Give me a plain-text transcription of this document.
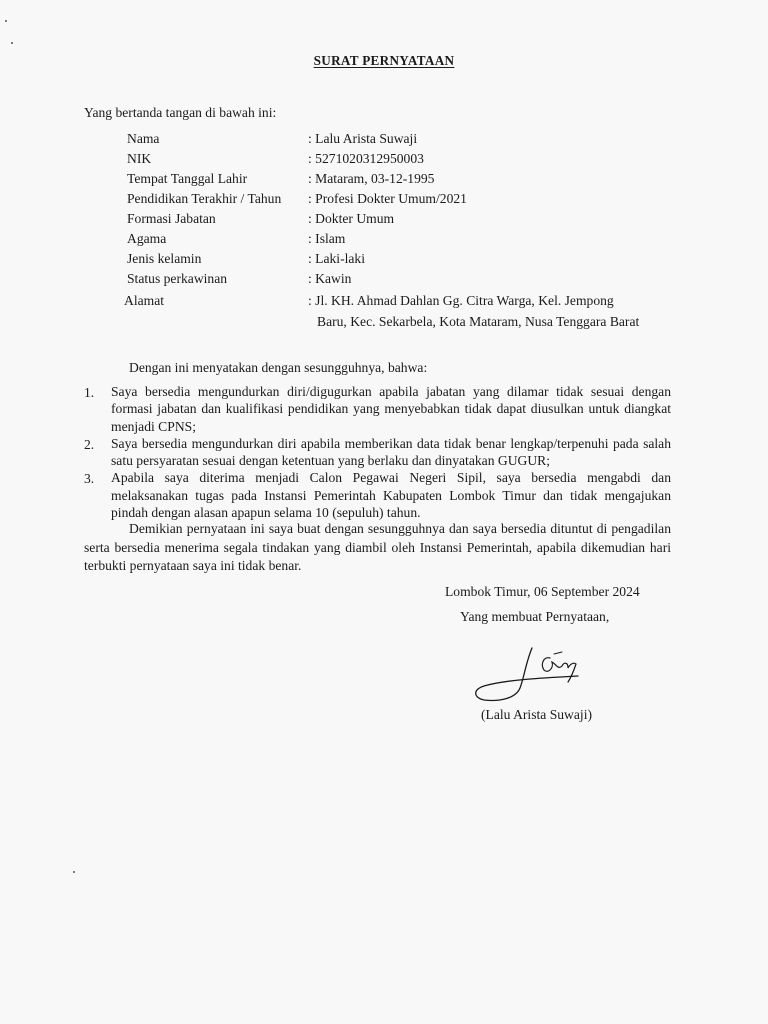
SURAT PERNYATAAN
Yang bertanda tangan di bawah ini:
Nama	: Lalu Arista Suwaji
NIK	: 5271020312950003
Tempat Tanggal Lahir	: Mataram, 03-12-1995
Pendidikan Terakhir / Tahun : Profesi Dokter Umum/2021
Formasi Jabatan	: Dokter Umum
Agama	: Islam
Jenis kelamin	: Laki-laki
Status perkawinan	: Kawin
Alamat	: Jl. KH. Ahmad Dahlan Gg. Citra Warga, Kel. Jempong
Baru, Kec. Sekarbela, Kota Mataram, Nusa Tenggara Barat
Dengan ini menyatakan dengan sesungguhnya, bahwa:
1. Saya bersedia mengundurkan diri/digugurkan apabila jabatan yang dilamar tidak sesuai dengan formasi jabatan dan kualifikasi pendidikan yang menyebabkan tidak dapat diusulkan untuk diangkat menjadi CPNS;
2. Saya bersedia mengundurkan diri apabila memberikan data tidak benar lengkap/terpenuhi pada salah satu persyaratan sesuai dengan ketentuan yang berlaku dan dinyatakan GUGUR;
3. Apabila saya diterima menjadi Calon Pegawai Negeri Sipil, saya bersedia mengabdi dan melaksanakan tugas pada Instansi Pemerintah Kabupaten Lombok Timur dan tidak mengajukan pindah dengan alasan apapun selama 10 (sepuluh) tahun.
Demikian pernyataan ini saya buat dengan sesungguhnya dan saya bersedia dituntut di pengadilan serta bersedia menerima segala tindakan yang diambil oleh Instansi Pemerintah, apabila dikemudian hari terbukti pernyataan saya ini tidak benar.
Lombok Timur, 06 September 2024
Yang membuat Pernyataan,
(Lalu Arista Suwaji)
